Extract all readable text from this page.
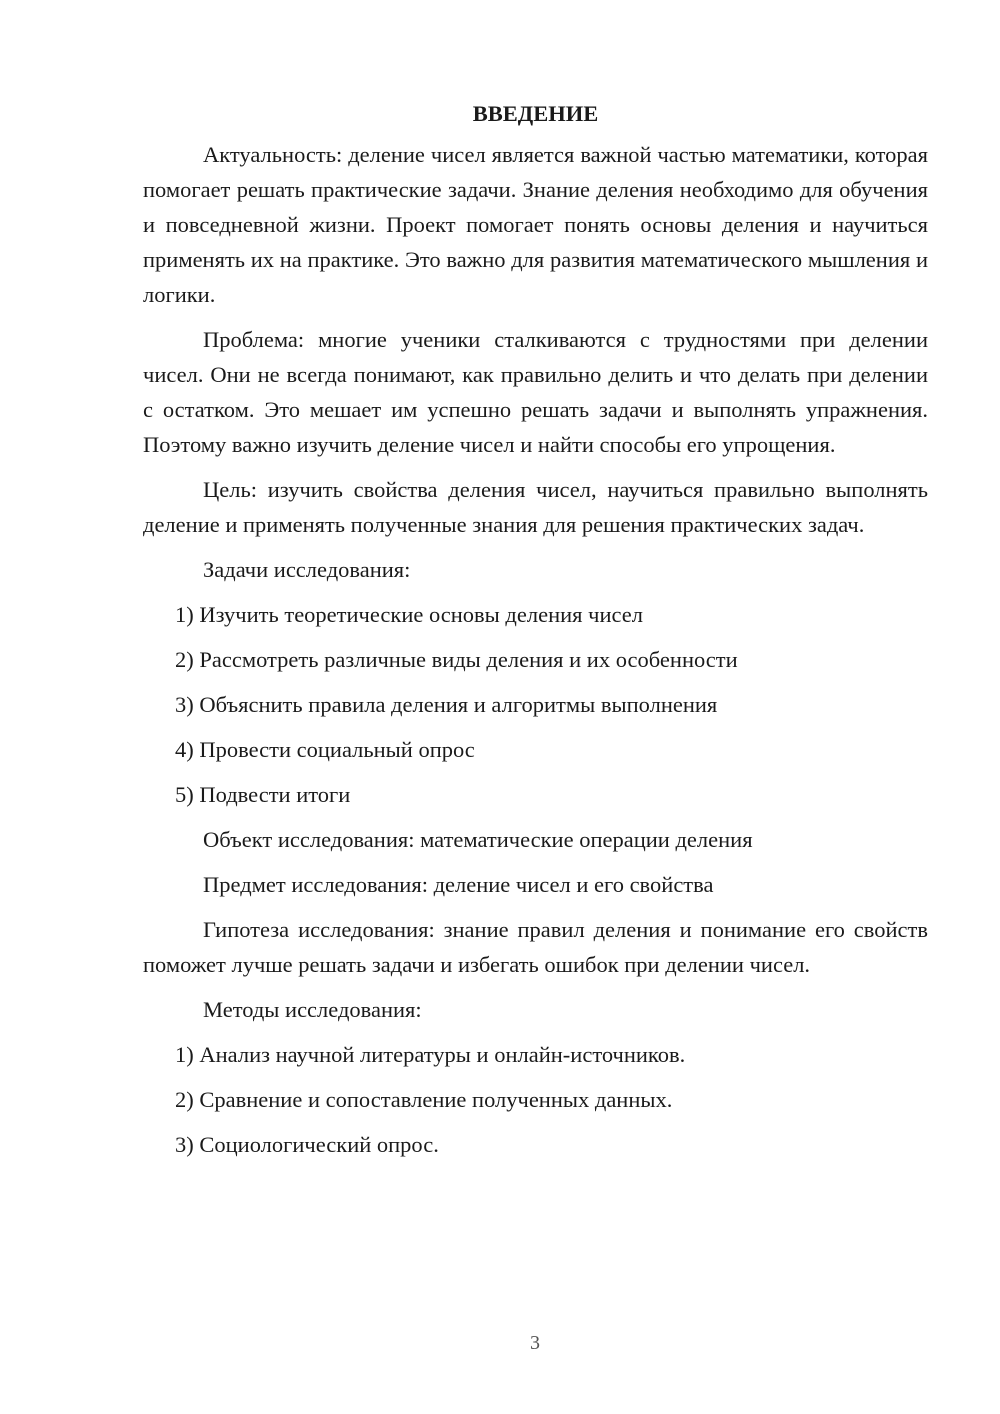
ВВЕДЕНИЕ

Актуальность: деление чисел является важной частью математики, которая помогает решать практические задачи. Знание деления необходимо для обучения и повседневной жизни. Проект помогает понять основы деления и научиться применять их на практике. Это важно для развития математического мышления и логики.

Проблема: многие ученики сталкиваются с трудностями при делении чисел. Они не всегда понимают, как правильно делить и что делать при делении с остатком. Это мешает им успешно решать задачи и выполнять упражнения. Поэтому важно изучить деление чисел и найти способы его упрощения.

Цель: изучить свойства деления чисел, научиться правильно выполнять деление и применять полученные знания для решения практических задач.

Задачи исследования:
1) Изучить теоретические основы деления чисел
2) Рассмотреть различные виды деления и их особенности
3) Объяснить правила деления и алгоритмы выполнения
4) Провести социальный опрос
5) Подвести итоги
Объект исследования: математические операции деления
Предмет исследования: деление чисел и его свойства

Гипотеза исследования: знание правил деления и понимание его свойств поможет лучше решать задачи и избегать ошибок при делении чисел.

Методы исследования:
1) Анализ научной литературы и онлайн-источников.
2) Сравнение и сопоставление полученных данных.
3) Социологический опрос.
3
